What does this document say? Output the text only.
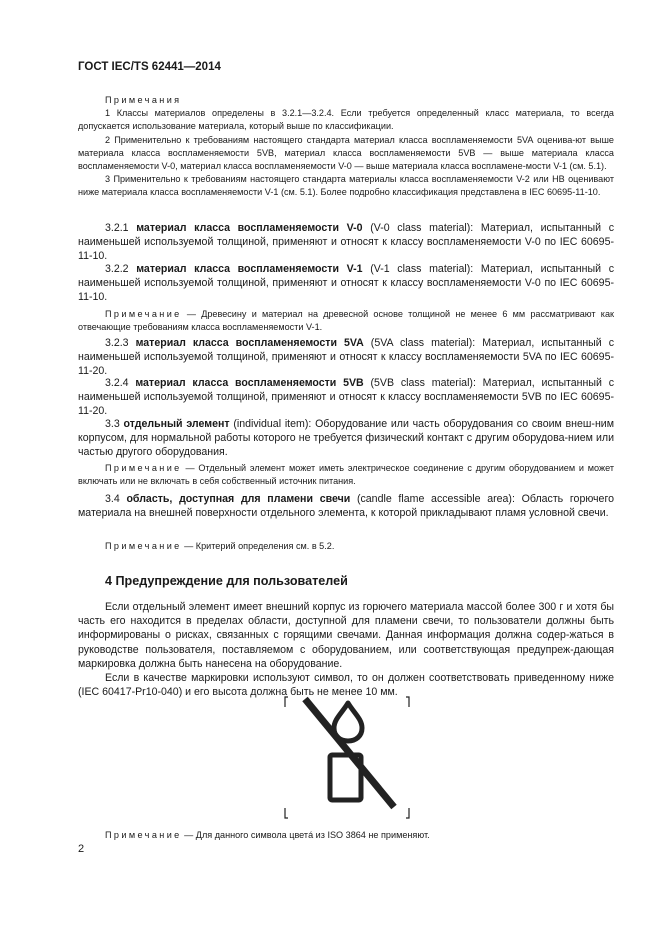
ГОСТ IEC/TS 62441—2014

Примечания

1 Классы материалов определены в 3.2.1—3.2.4. Если требуется определенный класс материала, то всегда допускается использование материала, который выше по классификации.

2 Применительно к требованиям настоящего стандарта материал класса воспламеняемости 5VA оценива-ют выше материала класса воспламеняемости 5VB, материал класса воспламеняемости 5VB — выше материала класса воспламеняемости V-0, материал класса воспламеняемости V-0 — выше материала класса воспламене-мости V-1 (см. 5.1).

3 Применительно к требованиям настоящего стандарта материалы класса воспламеняемости V-2 или HB оценивают ниже материала класса воспламеняемости V-1 (см. 5.1). Более подробно классификация представлена в IEC 60695-11-10.

3.2.1 материал класса воспламеняемости V-0 (V-0 class material): Материал, испытанный с наименьшей используемой толщиной, применяют и относят к классу воспламеняемости V-0 по IEC 60695-11-10.

3.2.2 материал класса воспламеняемости V-1 (V-1 class material): Материал, испытанный с наименьшей используемой толщиной, применяют и относят к классу воспламеняемости V-0 по IEC 60695-11-10.

Примечание — Древесину и материал на древесной основе толщиной не менее 6 мм рассматривают как отвечающие требованиям класса воспламеняемости V-1.

3.2.3 материал класса воспламеняемости 5VA (5VA class material): Материал, испытанный с наименьшей используемой толщиной, применяют и относят к классу воспламеняемости 5VA по IEC 60695-11-20.

3.2.4 материал класса воспламеняемости 5VB (5VB class material): Материал, испытанный с наименьшей используемой толщиной, применяют и относят к классу воспламеняемости 5VB по IEC 60695-11-20.

3.3 отдельный элемент (individual item): Оборудование или часть оборудования со своим внеш-ним корпусом, для нормальной работы которого не требуется физический контакт с другим оборудова-нием или частью другого оборудования.

Примечание — Отдельный элемент может иметь электрическое соединение с другим оборудованием и может включать или не включать в себя собственный источник питания.

3.4 область, доступная для пламени свечи (candle flame accessible area): Область горючего материала на внешней поверхности отдельного элемента, к которой прикладывают пламя условной свечи.

Примечание — Критерий определения см. в 5.2.

4 Предупреждение для пользователей

Если отдельный элемент имеет внешний корпус из горючего материала массой более 300 г и хотя бы часть его находится в пределах области, доступной для пламени свечи, то пользователи должны быть информированы о рисках, связанных с горящими свечами. Данная информация должна содер-жаться в руководстве пользователя, поставляемом с оборудованием, или соответствующая предупреж-дающая маркировка должна быть нанесена на оборудование.

Если в качестве маркировки используют символ, то он должен соответствовать приведенному ниже (IEC 60417-Pr10-040) и его высота должна быть не менее 10 мм.

Примечание — Для данного символа цветá из ISO 3864 не применяют.

2
